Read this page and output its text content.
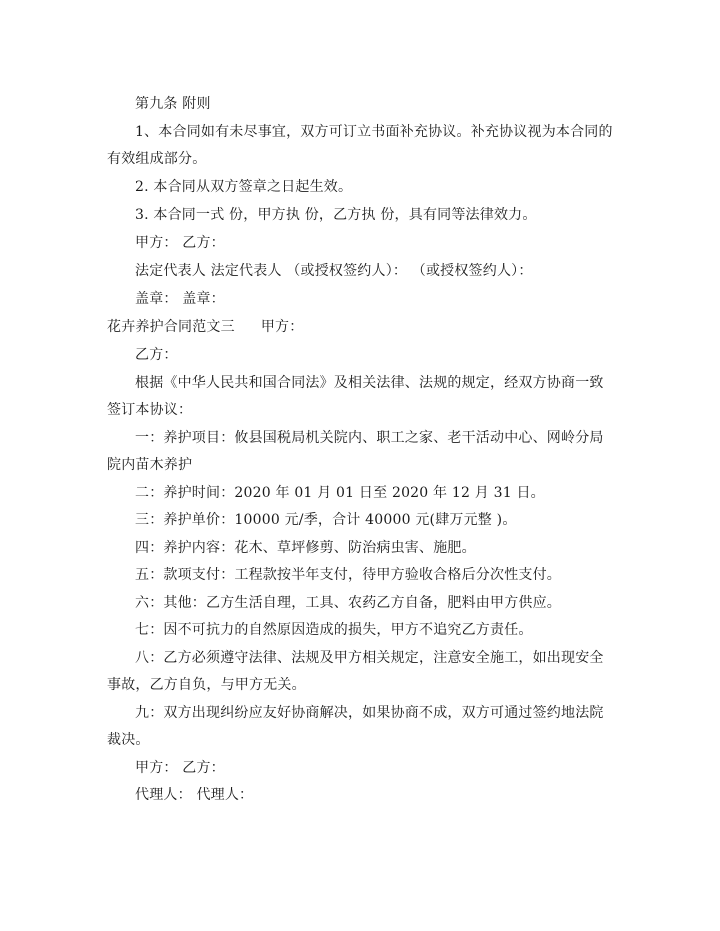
第九条 附则
1、本合同如有未尽事宜，双方可订立书面补充协议。补充协议视为本合同的
有效组成部分。
2. 本合同从双方签章之日起生效。
3. 本合同一式 份，甲方执 份，乙方执 份，具有同等法律效力。
甲方： 乙方：
法定代表人 法定代表人 （或授权签约人）： （或授权签约人）：
盖章： 盖章：
花卉养护合同范文三 甲方：
乙方：
根据《中华人民共和国合同法》及相关法律、法规的规定，经双方协商一致
签订本协议：
一：养护项目：攸县国税局机关院内、职工之家、老干活动中心、网岭分局
院内苗木养护
二：养护时间：2020 年 01 月 01 日至 2020 年 12 月 31 日。
三：养护单价：10000 元/季，合计 40000 元(肆万元整 )。
四：养护内容：花木、草坪修剪、防治病虫害、施肥。
五：款项支付：工程款按半年支付，待甲方验收合格后分次性支付。
六：其他：乙方生活自理，工具、农药乙方自备，肥料由甲方供应。
七：因不可抗力的自然原因造成的损失，甲方不追究乙方责任。
八：乙方必须遵守法律、法规及甲方相关规定，注意安全施工，如出现安全
事故，乙方自负，与甲方无关。
九：双方出现纠纷应友好协商解决，如果协商不成，双方可通过签约地法院
裁决。
甲方： 乙方：
代理人： 代理人：
